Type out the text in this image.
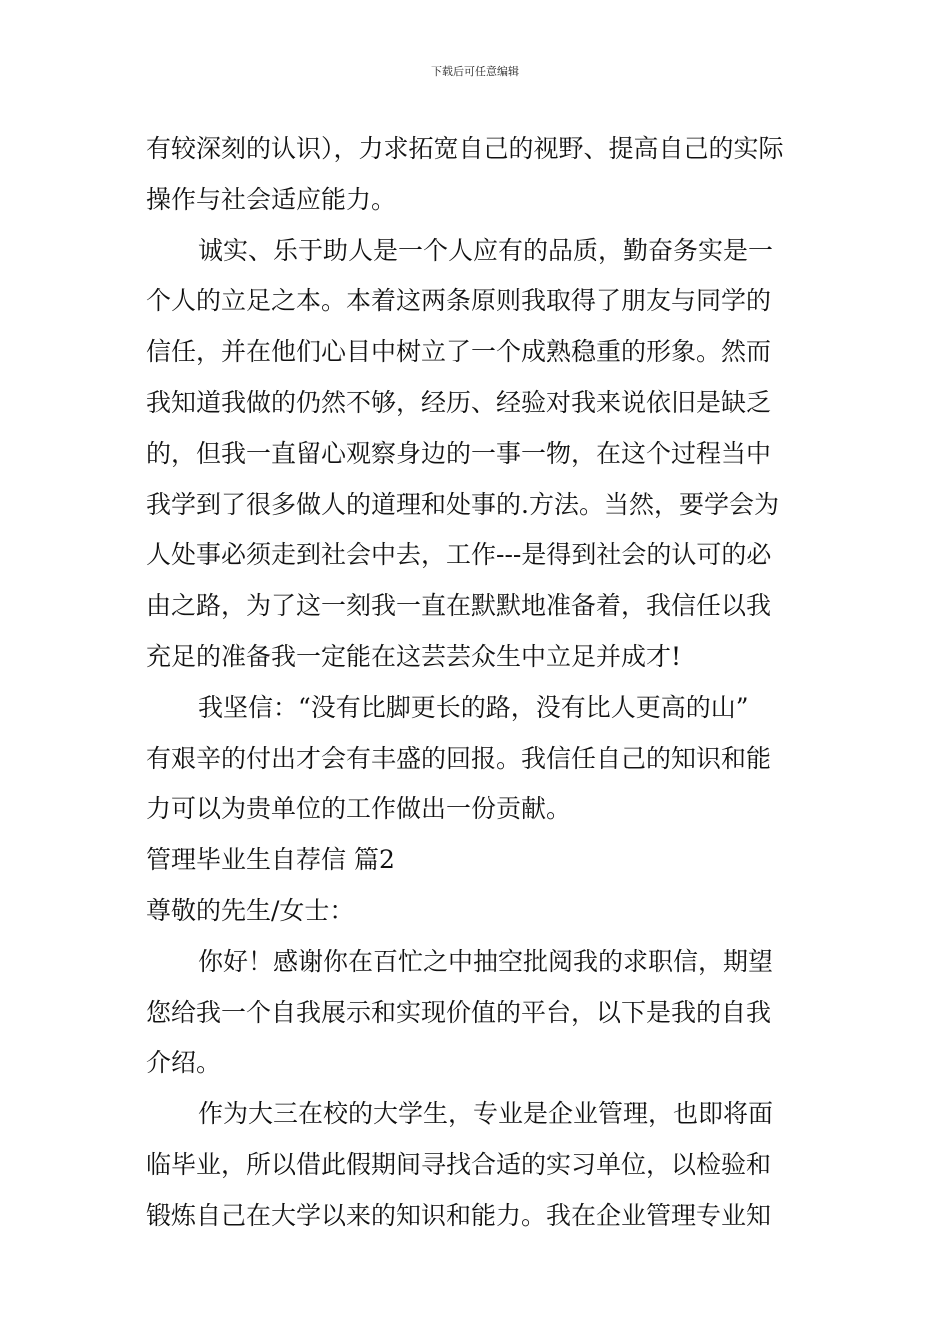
下载后可任意编辑
有较深刻的认识），力求拓宽自己的视野、提高自己的实际
操作与社会适应能力。
诚实、乐于助人是一个人应有的品质，勤奋务实是一
个人的立足之本。本着这两条原则我取得了朋友与同学的
信任，并在他们心目中树立了一个成熟稳重的形象。然而
我知道我做的仍然不够，经历、经验对我来说依旧是缺乏
的，但我一直留心观察身边的一事一物，在这个过程当中
我学到了很多做人的道理和处事的.方法。当然，要学会为
人处事必须走到社会中去，工作---是得到社会的认可的必
由之路，为了这一刻我一直在默默地准备着，我信任以我
充足的准备我一定能在这芸芸众生中立足并成才!
我坚信：“没有比脚更长的路，没有比人更高的山”
有艰辛的付出才会有丰盛的回报。我信任自己的知识和能
力可以为贵单位的工作做出一份贡献。
管理毕业生自荐信 篇2
尊敬的先生/女士：
你好！感谢你在百忙之中抽空批阅我的求职信，期望
您给我一个自我展示和实现价值的平台，以下是我的自我
介绍。
作为大三在校的大学生，专业是企业管理，也即将面
临毕业，所以借此假期间寻找合适的实习单位，以检验和
锻炼自己在大学以来的知识和能力。我在企业管理专业知
